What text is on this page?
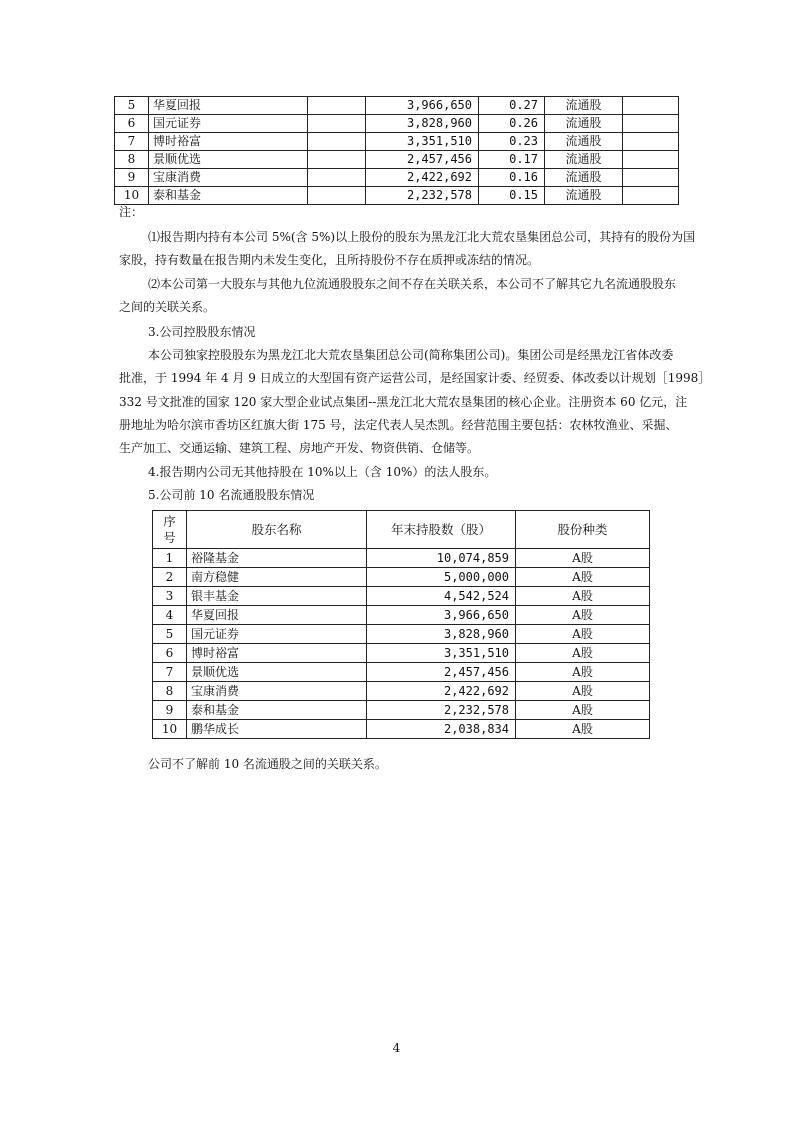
5	华夏回报		3,966,650	0.27	流通股	
6	国元证券		3,828,960	0.26	流通股	
7	博时裕富		3,351,510	0.23	流通股	
8	景顺优选		2,457,456	0.17	流通股	
9	宝康消费		2,422,692	0.16	流通股	
10	泰和基金		2,232,578	0.15	流通股	

注：

⑴报告期内持有本公司 5%(含 5%)以上股份的股东为黑龙江北大荒农垦集团总公司，其持有的股份为国

家股，持有数量在报告期内未发生变化，且所持股份不存在质押或冻结的情况。

⑵本公司第一大股东与其他九位流通股股东之间不存在关联关系，本公司不了解其它九名流通股股东

之间的关联关系。

3.公司控股股东情况

本公司独家控股股东为黑龙江北大荒农垦集团总公司(简称集团公司)。集团公司是经黑龙江省体改委

批准，于 1994 年 4 月 9 日成立的大型国有资产运营公司，是经国家计委、经贸委、体改委以计规划［1998］

332 号文批准的国家 120 家大型企业试点集团--黑龙江北大荒农垦集团的核心企业。注册资本 60 亿元，注

册地址为哈尔滨市香坊区红旗大街 175 号，法定代表人吴杰凯。经营范围主要包括：农林牧渔业、采掘、

生产加工、交通运输、建筑工程、房地产开发、物资供销、仓储等。

4.报告期内公司无其他持股在 10%以上（含 10%）的法人股东。

5.公司前 10 名流通股股东情况

序号	股东名称	年末持股数（股）	股份种类
1	裕隆基金	10,074,859	A股
2	南方稳健	5,000,000	A股
3	银丰基金	4,542,524	A股
4	华夏回报	3,966,650	A股
5	国元证券	3,828,960	A股
6	博时裕富	3,351,510	A股
7	景顺优选	2,457,456	A股
8	宝康消费	2,422,692	A股
9	泰和基金	2,232,578	A股
10	鹏华成长	2,038,834	A股

公司不了解前 10 名流通股之间的关联关系。

4
